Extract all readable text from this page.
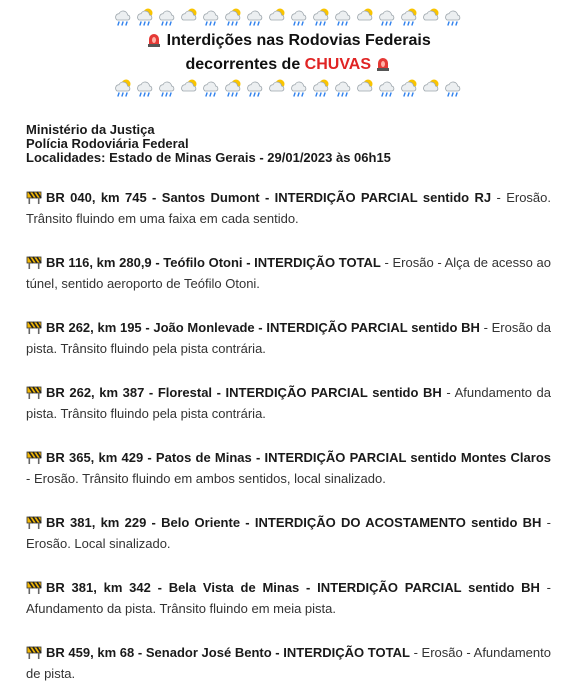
Interdições nas Rodovias Federais
decorrentes de CHUVAS
Ministério da Justiça
Polícia Rodoviária Federal
Localidades: Estado de Minas Gerais - 29/01/2023 às 06h15
BR 040, km 745 - Santos Dumont - INTERDIÇÃO PARCIAL sentido RJ - Erosão. Trânsito fluindo em uma faixa em cada sentido.
BR 116, km 280,9 - Teófilo Otoni - INTERDIÇÃO TOTAL - Erosão - Alça de acesso ao túnel, sentido aeroporto de Teófilo Otoni.
BR 262, km 195 - João Monlevade - INTERDIÇÃO PARCIAL sentido BH - Erosão da pista. Trânsito fluindo pela pista contrária.
BR 262, km 387 - Florestal - INTERDIÇÃO PARCIAL sentido BH - Afundamento da pista. Trânsito fluindo pela pista contrária.
BR 365, km 429 - Patos de Minas - INTERDIÇÃO PARCIAL sentido Montes Claros - Erosão. Trânsito fluindo em ambos sentidos, local sinalizado.
BR 381, km 229 - Belo Oriente - INTERDIÇÃO DO ACOSTAMENTO sentido BH - Erosão. Local sinalizado.
BR 381, km 342 - Bela Vista de Minas - INTERDIÇÃO PARCIAL sentido BH - Afundamento da pista. Trânsito fluindo em meia pista.
BR 459, km 68 - Senador José Bento - INTERDIÇÃO TOTAL - Erosão - Afundamento de pista.
